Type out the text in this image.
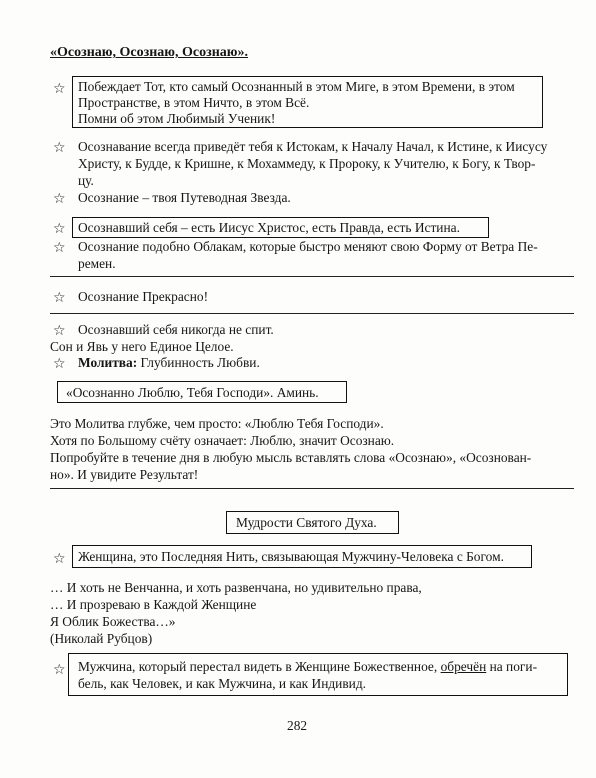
«Осознаю, Осознаю, Осознаю».
☆ Побеждает Тот, кто самый Осознанный в этом Миге, в этом Времени, в этом
Пространстве, в этом Ничто, в этом Всё.
Помни об этом Любимый Ученик!
☆ Осознавание всегда приведёт тебя к Истокам, к Началу Начал, к Истине, к Иисусу
Христу, к Будде, к Кришне, к Мохаммеду, к Пророку, к Учителю, к Богу, к Твор-
цу.
☆ Осознание – твоя Путеводная Звезда.
☆ Осознавший себя – есть Иисус Христос, есть Правда, есть Истина.
☆ Осознание подобно Облакам, которые быстро меняют свою Форму от Ветра Пе-
ремен.
☆ Осознание Прекрасно!
☆ Осознавший себя никогда не спит.
Сон и Явь у него Единое Целое.
☆ Молитва: Глубинность Любви.
«Осознанно Люблю, Тебя Господи». Аминь.
Это Молитва глубже, чем просто: «Люблю Тебя Господи».
Хотя по Большому счёту означает: Люблю, значит Осознаю.
Попробуйте в течение дня в любую мысль вставлять слова «Осознаю», «Осознован-
но». И увидите Результат!
Мудрости Святого Духа.
☆ Женщина, это Последняя Нить, связывающая Мужчину-Человека с Богом.
… И хоть не Венчанна, и хоть развенчана, но удивительно права,
… И прозреваю в Каждой Женщине
Я Облик Божества…»
(Николай Рубцов)
☆ Мужчина, который перестал видеть в Женщине Божественное, обречён на поги-
бель, как Человек, и как Мужчина, и как Индивид.
282
